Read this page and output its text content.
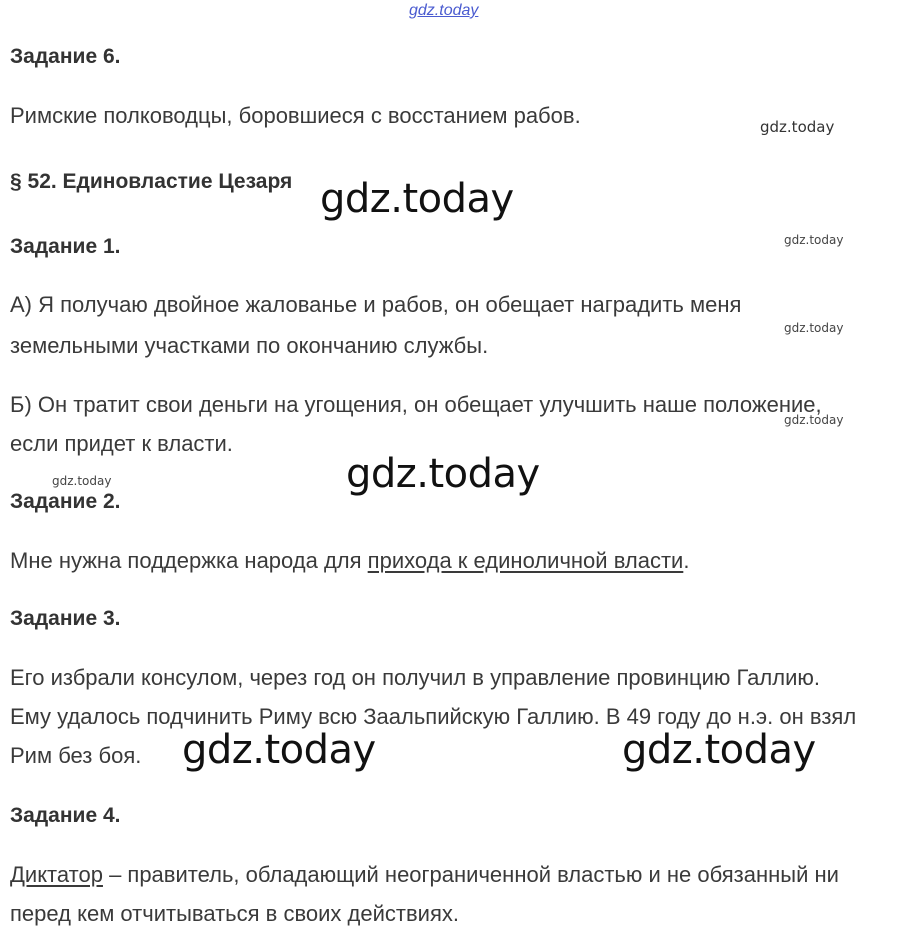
gdz.today
Задание 6.
Римские полководцы, боровшиеся с восстанием рабов.	gdz.today
§ 52. Единовластие Цезаря gdz.today
Задание 1.	gdz.today
А) Я получаю двойное жалованье и рабов, он обещает наградить меня
gdz.today
земельными участками по окончанию службы.
Б) Он тратит свои деньги на угощения, он обещает улучшить наше положение,
gdz.today
если придет к власти.
gdz.today
gdz.today
Задание 2.
Мне нужна поддержка народа для прихода к единоличной власти.
Задание 3.
Его избрали консулом, через год он получил в управление провинцию Галлию.
Ему удалось подчинить Риму всю Заальпийскую Галлию. В 49 году до н.э. он взял
Рим без боя. gdz.today	gdz.today
Задание 4.
Диктатор – правитель, обладающий неограниченной властью и не обязанный ни
перед кем отчитываться в своих действиях.
